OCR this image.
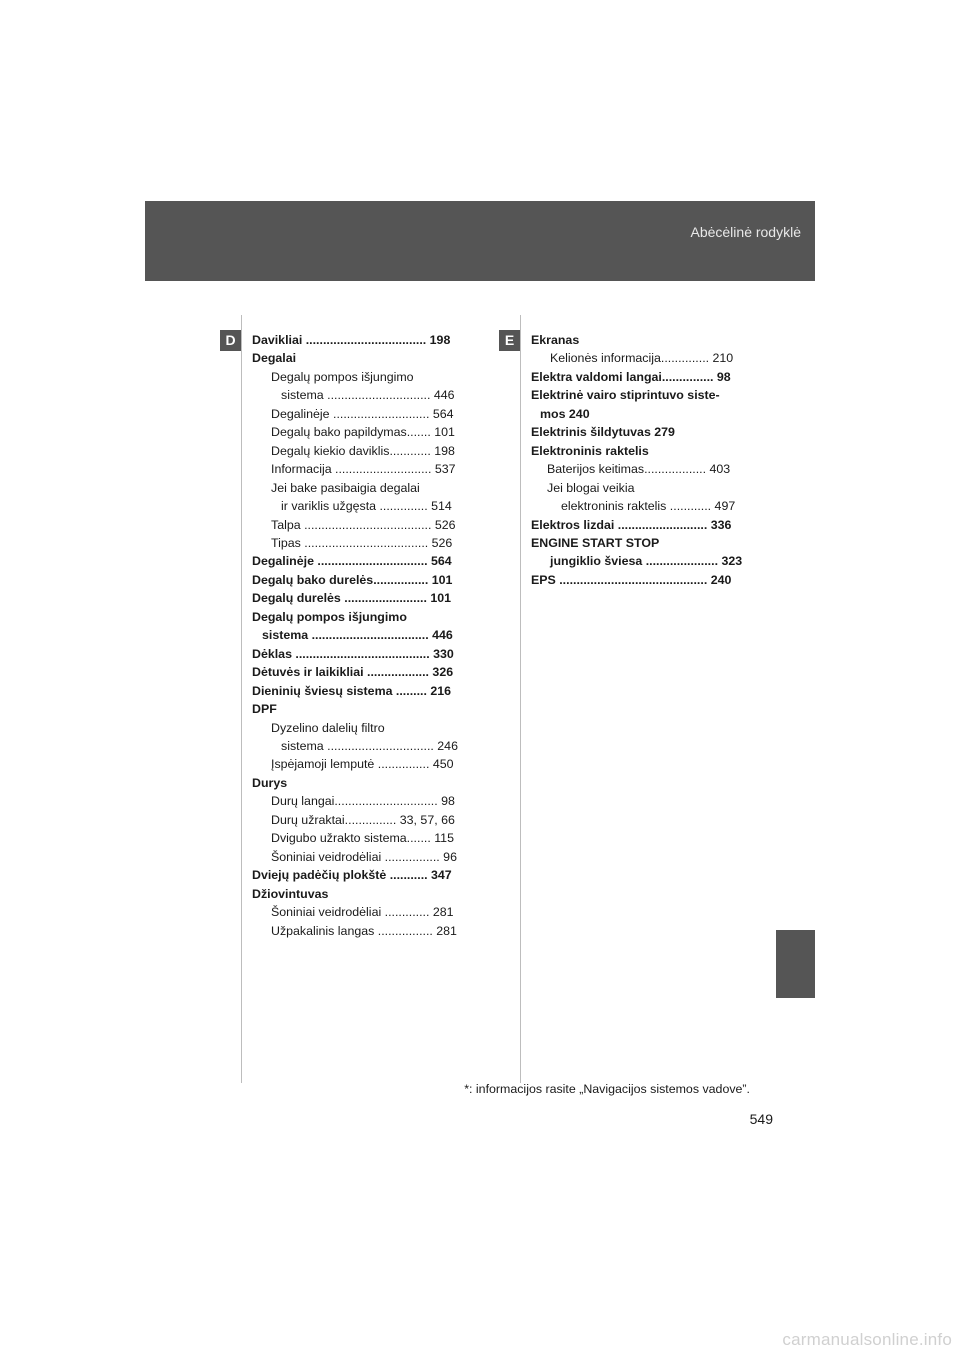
Abėcėlinė rodyklė
D	E
Davikliai ................................... 198
Degalai
Degalų pompos išjungimo
sistema .............................. 446
Degalinėje ............................ 564
Degalų bako papildymas....... 101
Degalų kiekio daviklis............ 198
Informacija ............................ 537
Jei bake pasibaigia degalai
ir variklis užgęsta .............. 514
Talpa ..................................... 526
Tipas .................................... 526
Degalinėje ................................ 564
Degalų bako durelės................ 101
Degalų durelės ........................ 101
Degalų pompos išjungimo
sistema .................................. 446
Dėklas ....................................... 330
Dėtuvės ir laikikliai .................. 326
Dieninių šviesų sistema ......... 216
DPF
Dyzelino dalelių filtro
sistema ............................... 246
Įspėjamoji lemputė ............... 450
Durys
Durų langai.............................. 98
Durų užraktai............... 33, 57, 66
Dvigubo užrakto sistema....... 115
Šoniniai veidrodėliai ................ 96
Dviejų padėčių plokštė ........... 347
Džiovintuvas
Šoniniai veidrodėliai ............. 281
Užpakalinis langas ................ 281
Ekranas
Kelionės informacija.............. 210
Elektra valdomi langai............... 98
Elektrinė vairo stiprintuvo siste-
mos 240
Elektrinis šildytuvas 279
Elektroninis raktelis
Baterijos keitimas.................. 403
Jei blogai veikia
elektroninis raktelis ............ 497
Elektros lizdai .......................... 336
ENGINE START STOP
jungiklio šviesa ..................... 323
EPS ........................................... 240
*: informacijos rasite „Navigacijos sistemos vadove”.
549
carmanualsonline.info
